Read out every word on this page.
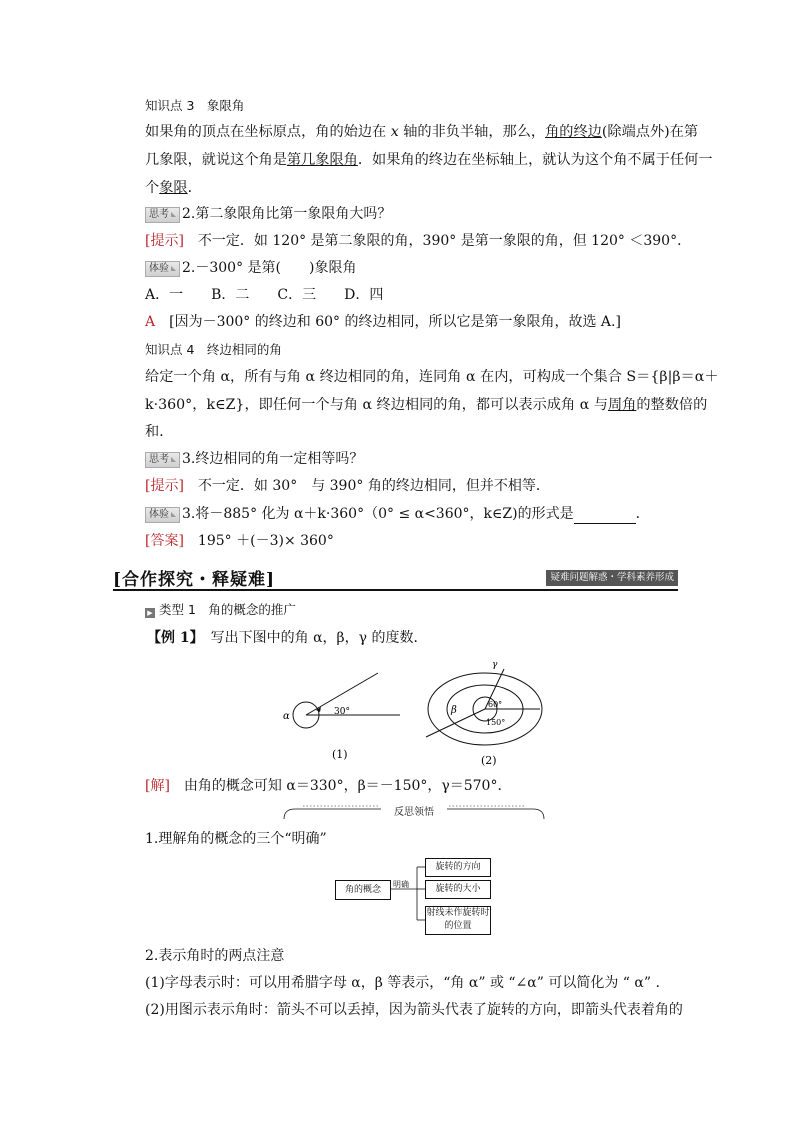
知识点 3　象限角
如果角的顶点在坐标原点，角的始边在 x 轴的非负半轴，那么，角的终边(除端点外)在第
几象限，就说这个角是第几象限角．如果角的终边在坐标轴上，就认为这个角不属于任何一
个象限．
思考 2.第二象限角比第一象限角大吗？
[提示]　不一定．如 120° 是第二象限的角，390° 是第一象限的角，但 120° ＜390°．
体验 2.－300° 是第(　　)象限角
A．一　　B．二　　C．三　　D．四
A　[因为－300° 的终边和 60° 的终边相同，所以它是第一象限角，故选 A.]
知识点 4　终边相同的角
给定一个角 α，所有与角 α 终边相同的角，连同角 α 在内，可构成一个集合 S＝{β|β＝α＋
k·360°，k∈Z}，即任何一个与角 α 终边相同的角，都可以表示成角 α 与周角的整数倍的
和．
思考 3.终边相同的角一定相等吗？
[提示]　不一定．如 30°　与 390° 角的终边相同，但并不相等．
体验 3.将－885° 化为 α＋k·360°（0° ≤ α<360°，k∈Z)的形式是	．
[答案]　195° ＋(－3)× 360°
[合作探究・释疑难]	疑难问题解惑・学科素养形成
▶ 类型 1　角的概念的推广
【例 1】　写出下图中的角 α，β，γ 的度数．
α	30°
(1)
γ
β
60°
150°
(2)
[解]　由角的概念可知 α＝330°，β＝－150°，γ＝570°．
反思领悟
1.理解角的概念的三个“明确”
角的概念
明确
旋转的方向
旋转的大小
射线未作旋转时的位置
2.表示角时的两点注意
(1)字母表示时：可以用希腊字母 α，β 等表示，“角 α” 或 “∠α” 可以简化为 “ α” .
(2)用图示表示角时：箭头不可以丢掉，因为箭头代表了旋转的方向，即箭头代表着角的
